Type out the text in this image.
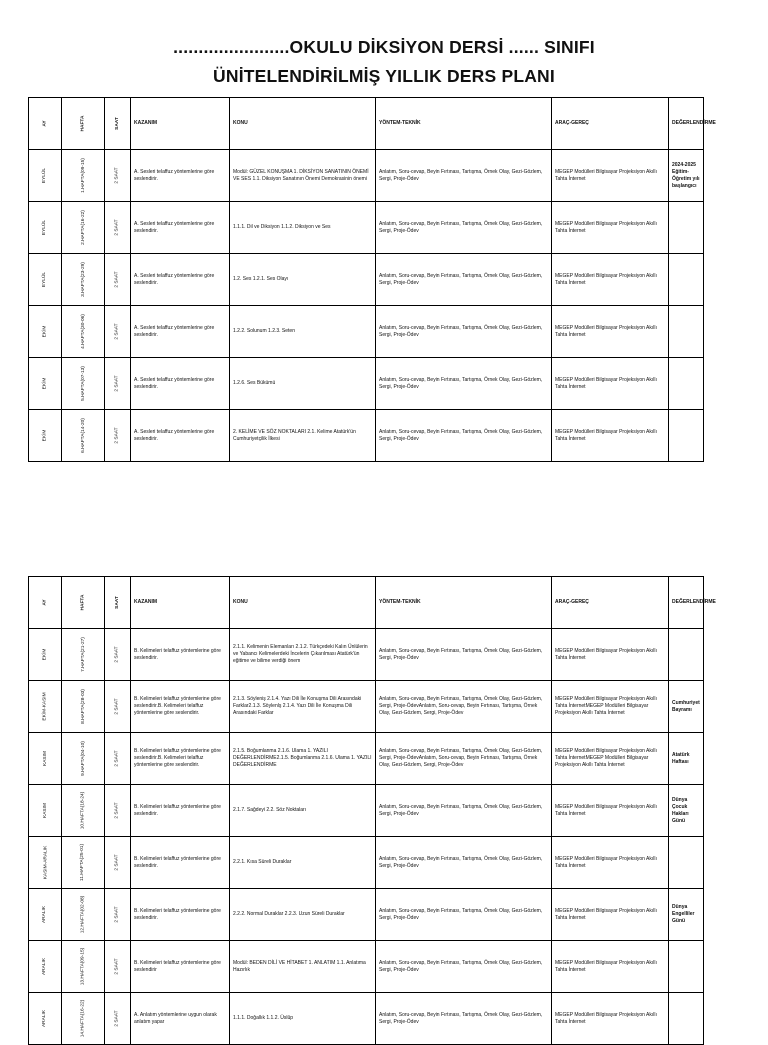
.......................OKULU DİKSİYON DERSİ ...... SINIFI
ÜNİTELENDİRİLMİŞ YILLIK DERS PLANI
AY	HAFTA	SAAT	KAZANIM	KONU	YÖNTEM-TEKNİK	ARAÇ-GEREÇ	DEĞERLENDİRME
EYLÜL	1.HAFTA(09-15)	2 SAAT	A. Sesleri telaffuz yöntemlerine göre seslendirir.	Modül: GÜZEL KONUŞMA 1. DİKSİYON SANATININ ÖNEMİ VE SES 1.1. Diksiyon Sanatının Önemi Demokrasinin önemi	Anlatım, Soru-cevap, Beyin Fırtınası, Tartışma, Örnek Olay, Gezi-Gözlem, Sergi, Proje-Ödev	MEGEP Modülleri Bilgisayar Projeksiyon Akıllı Tahta İnternet	2024-2025 Eğitim-Öğretim yılı başlangıcı
EYLÜL	2.HAFTA(16-22)	2 SAAT	A. Sesleri telaffuz yöntemlerine göre seslendirir.	1.1.1. Dil ve Diksiyon 1.1.2. Diksiyon ve Ses	Anlatım, Soru-cevap, Beyin Fırtınası, Tartışma, Örnek Olay, Gezi-Gözlem, Sergi, Proje-Ödev	MEGEP Modülleri Bilgisayar Projeksiyon Akıllı Tahta İnternet	
EYLÜL	3.HAFTA(23-29)	2 SAAT	A. Sesleri telaffuz yöntemlerine göre seslendirir.	1.2. Ses 1.2.1. Ses Olayı	Anlatım, Soru-cevap, Beyin Fırtınası, Tartışma, Örnek Olay, Gezi-Gözlem, Sergi, Proje-Ödev	MEGEP Modülleri Bilgisayar Projeksiyon Akıllı Tahta İnternet	
EKİM	4.HAFTA(30-06)	2 SAAT	A. Sesleri telaffuz yöntemlerine göre seslendirir.	1.2.2. Solunum 1.2.3. Seten	Anlatım, Soru-cevap, Beyin Fırtınası, Tartışma, Örnek Olay, Gezi-Gözlem, Sergi, Proje-Ödev	MEGEP Modülleri Bilgisayar Projeksiyon Akıllı Tahta İnternet	
EKİM	5.HAFTA(07-13)	2 SAAT	A. Sesleri telaffuz yöntemlerine göre seslendirir.	1.2.6. Ses Bükümü	Anlatım, Soru-cevap, Beyin Fırtınası, Tartışma, Örnek Olay, Gezi-Gözlem, Sergi, Proje-Ödev	MEGEP Modülleri Bilgisayar Projeksiyon Akıllı Tahta İnternet	
EKİM	6.HAFTA(14-20)	2 SAAT	A. Sesleri telaffuz yöntemlerine göre seslendirir.	2. KELİME VE SÖZ NOKTALARI 2.1. Kelime Atatürk'ün Cumhuriyetçilik İlkesi	Anlatım, Soru-cevap, Beyin Fırtınası, Tartışma, Örnek Olay, Gezi-Gözlem, Sergi, Proje-Ödev	MEGEP Modülleri Bilgisayar Projeksiyon Akıllı Tahta İnternet	
AY	HAFTA	SAAT	KAZANIM	KONU	YÖNTEM-TEKNİK	ARAÇ-GEREÇ	DEĞERLENDİRME
EKİM	7.HAFTA(21-27)	2 SAAT	B. Kelimeleri telaffuz yöntemlerine göre seslendirir.	2.1.1. Kelimenin Elemanları 2.1.2. Türkçedeki Kalın Ünlülerin ve Yabancı Kelimelerdeki İncelerin Çıkarılması Atatürk'ün eğitime ve bilime verdiği önem	Anlatım, Soru-cevap, Beyin Fırtınası, Tartışma, Örnek Olay, Gezi-Gözlem, Sergi, Proje-Ödev	MEGEP Modülleri Bilgisayar Projeksiyon Akıllı Tahta İnternet	
EKİM-KASIM	8.HAFTA(28-03)	2 SAAT	B. Kelimeleri telaffuz yöntemlerine göre seslendirir.B. Kelimeleri telaffuz yöntemlerine göre seslendirir.	2.1.3. Söyleniş 2.1.4. Yazı Dili İle Konuşma Dili Arasındaki Farklar2.1.3. Söylenlş 2.1.4. Yazı Dili İle Konuşma Dili Arasındaki Farklar	Anlatım, Soru-cevap, Beyin Fırtınası, Tartışma, Örnek Olay, Gezi-Gözlem, Sergi, Proje-ÖdevAnlatım, Soru-cevap, Beyin Fırtınası, Tartışma, Örnek Olay, Gezi-Gözlem, Sergi, Proje-Ödev	MEGEP Modülleri Bilgisayar Projeksiyon Akıllı Tahta İnternetMEGEP Modülleri Bilgisayar Projeksiyon Akıllı Tahta İnternet	Cumhuriyet Bayramı
KASIM	9.HAFTA(04-10)	2 SAAT	B. Kelimeleri telaffuz yöntemlerine göre seslendirir.B. Kelimeleri telaffuz yöntemlerine göre seslendirir.	2.1.5. Boğumlanma 2.1.6. Ulama 1. YAZILI DEĞERLENDİRME2.1.5. Boğumlanma 2.1.6. Ulama 1. YAZILI DEĞERLENDİRME	Anlatım, Soru-cevap, Beyin Fırtınası, Tartışma, Örnek Olay, Gezi-Gözlem, Sergi, Proje-ÖdevAnlatım, Soru-cevap, Beyin Fırtınası, Tartışma, Örnek Olay, Gezi-Gözlem, Sergi, Proje-Ödev	MEGEP Modülleri Bilgisayar Projeksiyon Akıllı Tahta İnternetMEGEP Modülleri Bilgisayar Projeksiyon Akıllı Tahta İnternet	Atatürk Haftası
KASIM	10.HAFTA(18-24)	2 SAAT	B. Kelimeleri telaffuz yöntemlerine göre seslendirir.	2.1.7. Sağdeyi 2.2. Söz Noktaları	Anlatım, Soru-cevap, Beyin Fırtınası, Tartışma, Örnek Olay, Gezi-Gözlem, Sergi, Proje-Ödev	MEGEP Modülleri Bilgisayar Projeksiyon Akıllı Tahta İnternet	Dünya Çocuk Hakları Günü
KASIM-ARALIK	11.HAFTA(25-01)	2 SAAT	B. Kelimeleri telaffuz yöntemlerine göre seslendirir.	2.2.1. Kısa Süreli Duraklar	Anlatım, Soru-cevap, Beyin Fırtınası, Tartışma, Örnek Olay, Gezi-Gözlem, Sergi, Proje-Ödev	MEGEP Modülleri Bilgisayar Projeksiyon Akıllı Tahta İnternet	
ARALIK	12.HAFTA(02-08)	2 SAAT	B. Kelimeleri telaffuz yöntemlerine göre seslendirir.	2.2.2. Normal Duraklar 2.2.3. Uzun Süreli Duraklar	Anlatım, Soru-cevap, Beyin Fırtınası, Tartışma, Örnek Olay, Gezi-Gözlem, Sergi, Proje-Ödev	MEGEP Modülleri Bilgisayar Projeksiyon Akıllı Tahta İnternet	Dünya Engelliler Günü
ARALIK	13.HAFTA(09-15)	2 SAAT	B. Kelimeleri telaffuz yöntemlerine göre seslendirir	Modül: BEDEN DİLİ VE HİTABET 1. ANLATIM 1.1. Anlatıma Hazırlık	Anlatım, Soru-cevap, Beyin Fırtınası, Tartışma, Örnek Olay, Gezi-Gözlem, Sergi, Proje-Ödev	MEGEP Modülleri Bilgisayar Projeksiyon Akıllı Tahta İnternet	
ARALIK	14.HAFTA(16-22)	2 SAAT	A. Anlatım yöntemlerine uygun olarak anlatım yapar	1.1.1. Doğallık 1.1.2. Üslûp	Anlatım, Soru-cevap, Beyin Fırtınası, Tartışma, Örnek Olay, Gezi-Gözlem, Sergi, Proje-Ödev	MEGEP Modülleri Bilgisayar Projeksiyon Akıllı Tahta İnternet	
